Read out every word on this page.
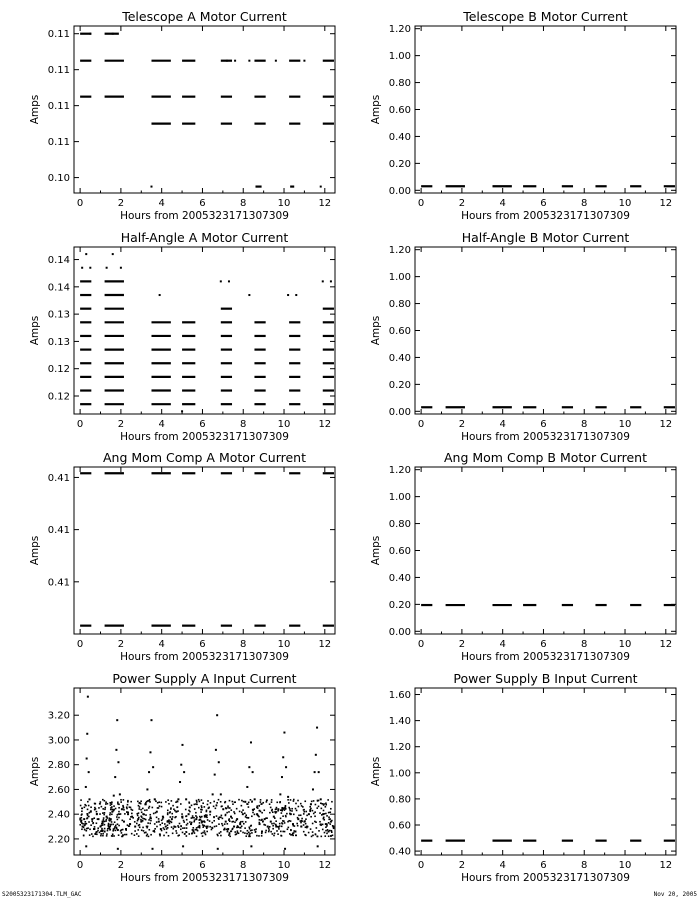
Telescope A Motor Current
0	2	4	6	8	10	12
0.10
0.11
0.11
0.11
0.11
Hours from 2005323171307309
Amps
Telescope B Motor Current
0	2	4	6	8	10	12
0.00
0.20
0.40
0.60
0.80
1.00
1.20
Hours from 2005323171307309
Amps
Half-Angle A Motor Current
0	2	4	6	8	10	12
0.12
0.12
0.13
0.13
0.14
0.14
Hours from 2005323171307309
Amps
Half-Angle B Motor Current
0	2	4	6	8	10	12
0.00
0.20
0.40
0.60
0.80
1.00
1.20
Hours from 2005323171307309
Amps
Ang Mom Comp A Motor Current
0	2	4	6	8	10	12
0.41
0.41
0.41
Hours from 2005323171307309
Amps
Ang Mom Comp B Motor Current
0	2	4	6	8	10	12
0.00
0.20
0.40
0.60
0.80
1.00
1.20
Hours from 2005323171307309
Amps
Power Supply A Input Current
0	2	4	6	8	10	12
2.20
2.40
2.60
2.80
3.00
3.20
Hours from 2005323171307309
Amps
Power Supply B Input Current
0	2	4	6	8	10	12
0.40
0.60
0.80
1.00
1.20
1.40
1.60
Hours from 2005323171307309
Amps
S2005323171304.TLM_GAC	Nov 20, 2005
